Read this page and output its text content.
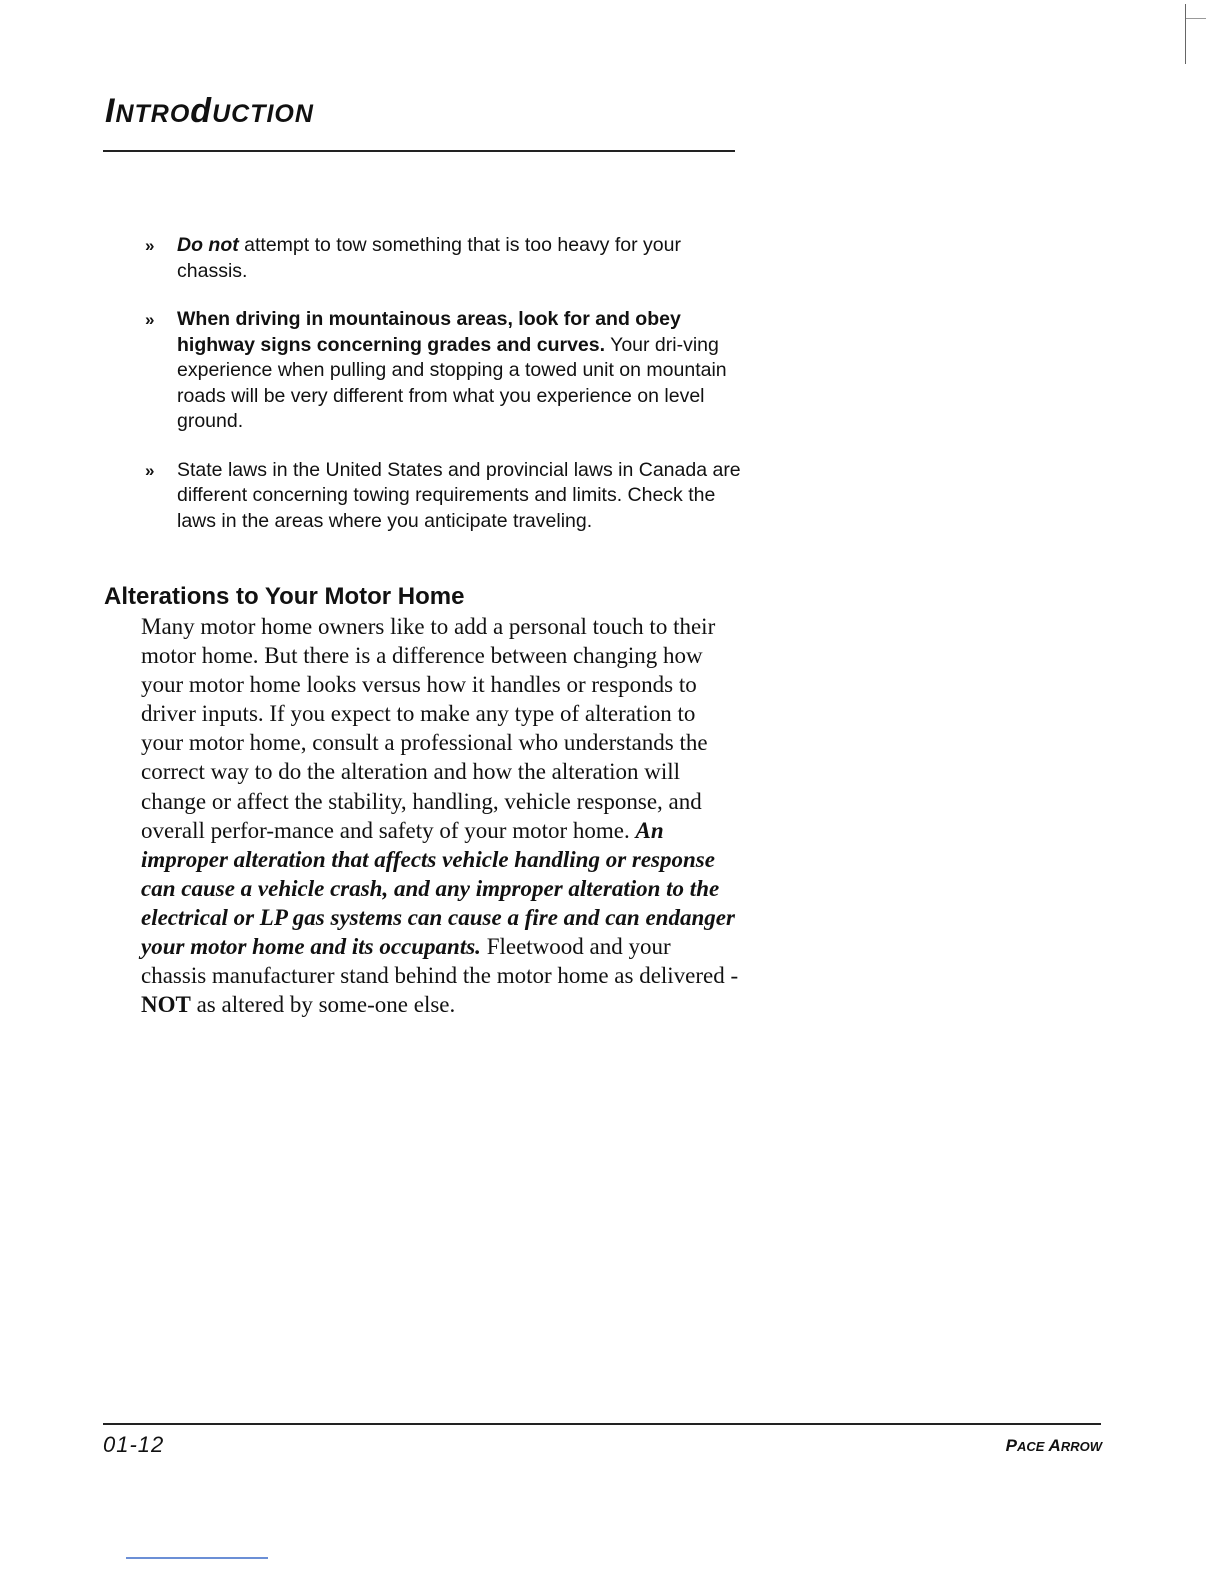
INTROdUCTION
» Do not attempt to tow something that is too heavy for your chassis.
» When driving in mountainous areas, look for and obey highway signs concerning grades and curves. Your dri-ving experience when pulling and stopping a towed unit on mountain roads will be very different from what you experience on level ground.
» State laws in the United States and provincial laws in Canada are different concerning towing requirements and limits. Check the laws in the areas where you anticipate traveling.
Alterations to Your Motor Home
Many motor home owners like to add a personal touch to their motor home. But there is a difference between changing how your motor home looks versus how it handles or responds to driver inputs. If you expect to make any type of alteration to your motor home, consult a professional who understands the correct way to do the alteration and how the alteration will change or affect the stability, handling, vehicle response, and overall perfor-mance and safety of your motor home. An improper alteration that affects vehicle handling or response can cause a vehicle crash, and any improper alteration to the electrical or LP gas systems can cause a fire and can endanger your motor home and its occupants. Fleetwood and your chassis manufacturer stand behind the motor home as delivered - NOT as altered by some-one else.
01-12	PACE ARROW
